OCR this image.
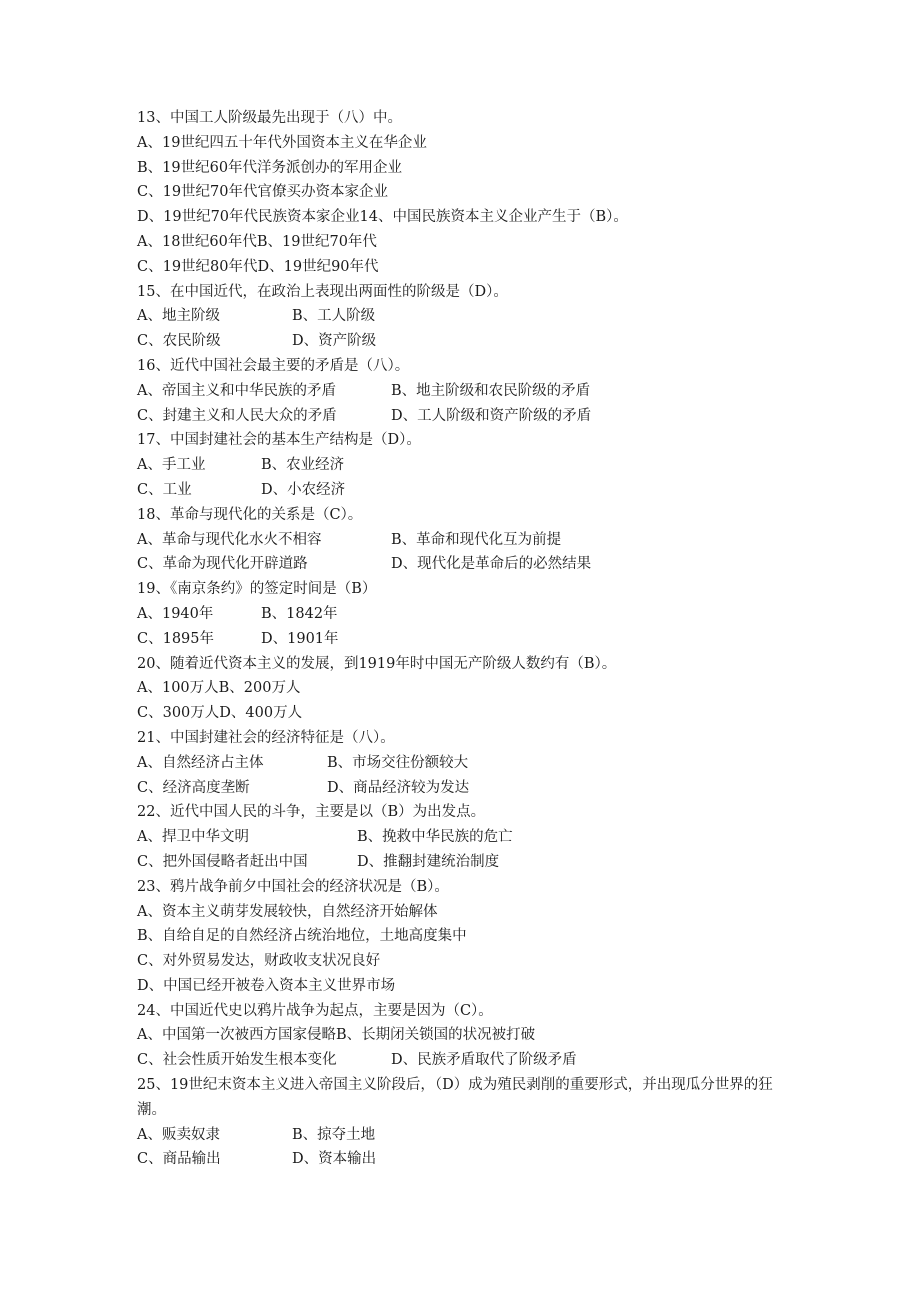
13、中国工人阶级最先出现于（八）中。
A、19世纪四五十年代外国资本主义在华企业
B、19世纪60年代洋务派创办的军用企业
C、19世纪70年代官僚买办资本家企业
D、19世纪70年代民族资本家企业14、中国民族资本主义企业产生于（B）。
A、18世纪60年代B、19世纪70年代
C、19世纪80年代D、19世纪90年代
15、在中国近代，在政治上表现出两面性的阶级是（D）。
A、地主阶级	B、工人阶级
C、农民阶级	D、资产阶级
16、近代中国社会最主要的矛盾是（八）。
A、帝国主义和中华民族的矛盾	B、地主阶级和农民阶级的矛盾
C、封建主义和人民大众的矛盾	D、工人阶级和资产阶级的矛盾
17、中国封建社会的基本生产结构是（D）。
A、手工业	B、农业经济
C、工业	D、小农经济
18、革命与现代化的关系是（C）。
A、革命与现代化水火不相容	B、革命和现代化互为前提
C、革命为现代化开辟道路	D、现代化是革命后的必然结果
19、《南京条约》的签定时间是（B）
A、1940年	B、1842年
C、1895年	D、1901年
20、随着近代资本主义的发展，到1919年时中国无产阶级人数约有（B）。
A、100万人B、200万人
C、300万人D、400万人
21、中国封建社会的经济特征是（八）。
A、自然经济占主体	B、市场交往份额较大
C、经济高度垄断	D、商品经济较为发达
22、近代中国人民的斗争，主要是以（B）为出发点。
A、捍卫中华文明	B、挽救中华民族的危亡
C、把外国侵略者赶出中国	D、推翻封建统治制度
23、鸦片战争前夕中国社会的经济状况是（B）。
A、资本主义萌芽发展较快，自然经济开始解体
B、自给自足的自然经济占统治地位，土地高度集中
C、对外贸易发达，财政收支状况良好
D、中国已经开被卷入资本主义世界市场
24、中国近代史以鸦片战争为起点，主要是因为（C）。
A、中国第一次被西方国家侵略B、长期闭关锁国的状况被打破
C、社会性质开始发生根本变化	D、民族矛盾取代了阶级矛盾
25、19世纪末资本主义进入帝国主义阶段后，（D）成为殖民剥削的重要形式，并出现瓜分世界的狂潮。
A、贩卖奴隶	B、掠夺土地
C、商品输出	D、资本输出
